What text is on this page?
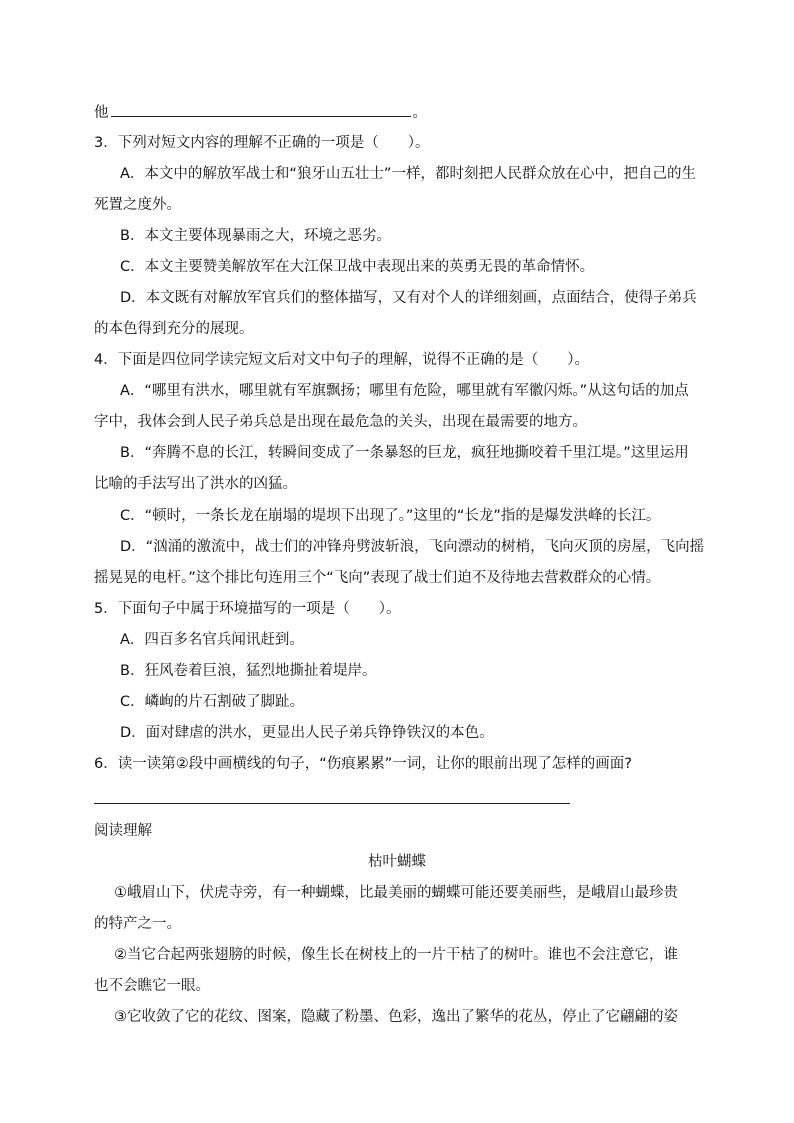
他	。
3．下列对短文内容的理解不正确的一项是（　　）。
A．本文中的解放军战士和“狼牙山五壮士”一样，都时刻把人民群众放在心中，把自己的生
死置之度外。
B．本文主要体现暴雨之大，环境之恶劣。
C．本文主要赞美解放军在大江保卫战中表现出来的英勇无畏的革命情怀。
D．本文既有对解放军官兵们的整体描写，又有对个人的详细刻画，点面结合，使得子弟兵
的本色得到充分的展现。
4．下面是四位同学读完短文后对文中句子的理解，说得不正确的是（　　）。
A．“哪里有洪水，哪里就有军旗飘扬；哪里有危险，哪里就有军徽闪烁。”从这句话的加点
字中，我体会到人民子弟兵总是出现在最危急的关头，出现在最需要的地方。
B．“奔腾不息的长江，转瞬间变成了一条暴怒的巨龙，疯狂地撕咬着千里江堤。”这里运用
比喻的手法写出了洪水的凶猛。
C．“顿时，一条长龙在崩塌的堤坝下出现了。”这里的“长龙”指的是爆发洪峰的长江。
D．“汹涌的激流中，战士们的冲锋舟劈波斩浪，飞向漂动的树梢，飞向灭顶的房屋，飞向摇
摇晃晃的电杆。”这个排比句连用三个“飞向”表现了战士们迫不及待地去营救群众的心情。
5．下面句子中属于环境描写的一项是（　　）。
A．四百多名官兵闻讯赶到。
B．狂风卷着巨浪，猛烈地撕扯着堤岸。
C．嶙峋的片石割破了脚趾。
D．面对肆虐的洪水，更显出人民子弟兵铮铮铁汉的本色。
6．读一读第②段中画横线的句子，“伤痕累累”一词，让你的眼前出现了怎样的画面?
阅读理解
枯叶蝴蝶
①峨眉山下，伏虎寺旁，有一种蝴蝶，比最美丽的蝴蝶可能还要美丽些，是峨眉山最珍贵
的特产之一。
②当它合起两张翅膀的时候，像生长在树枝上的一片干枯了的树叶。谁也不会注意它，谁
也不会瞧它一眼。
③它收敛了它的花纹、图案，隐藏了粉墨、色彩，逸出了繁华的花丛，停止了它翩翩的姿
